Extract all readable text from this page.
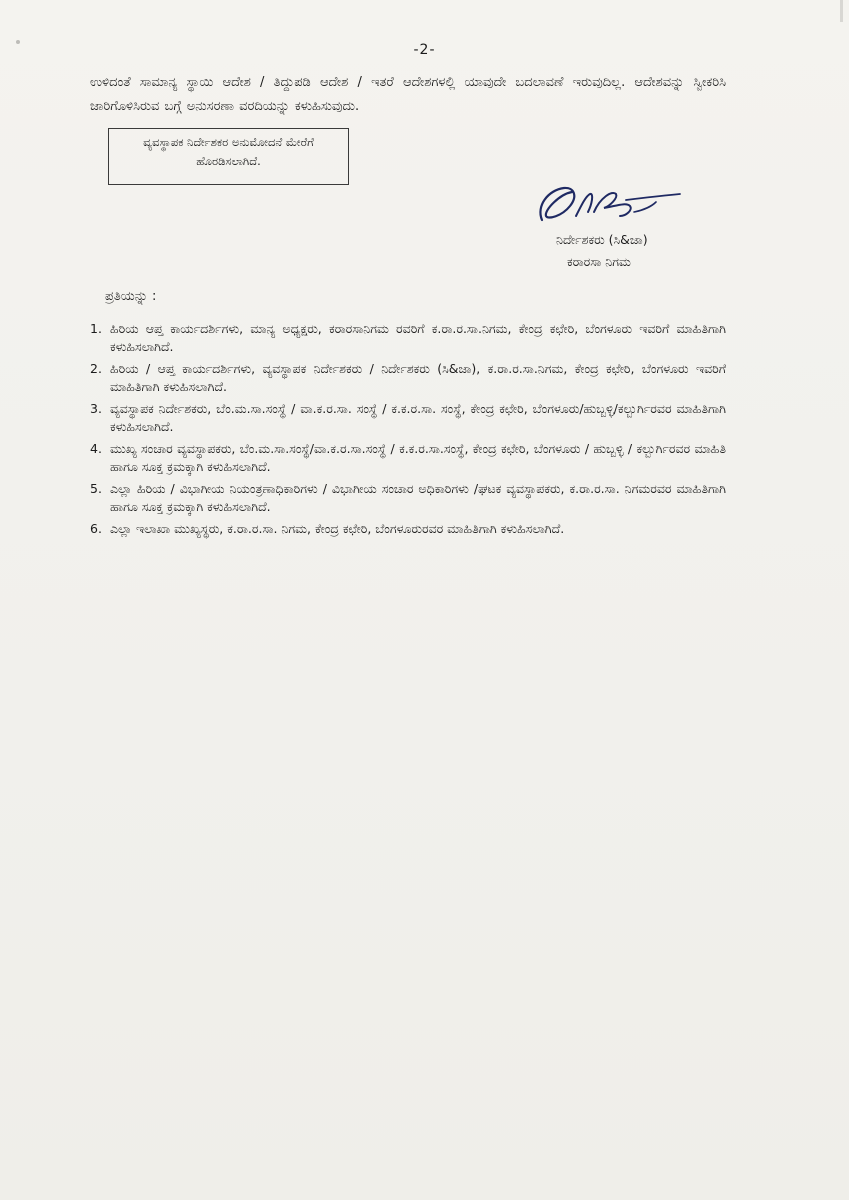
-2-
ಉಳಿದಂತೆ ಸಾಮಾನ್ಯ ಸ್ಥಾಯಿ ಆದೇಶ / ತಿದ್ದುಪಡಿ ಆದೇಶ / ಇತರೆ ಆದೇಶಗಳಲ್ಲಿ ಯಾವುದೇ ಬದಲಾವಣೆ ಇರುವುದಿಲ್ಲ. ಆದೇಶವನ್ನು ಸ್ವೀಕರಿಸಿ ಜಾರಿಗೊಳಿಸಿರುವ ಬಗ್ಗೆ ಅನುಸರಣಾ ವರದಿಯನ್ನು ಕಳುಹಿಸುವುದು.
ವ್ಯವಸ್ಥಾಪಕ ನಿರ್ದೇಶಕರ ಅನುಮೋದನೆ ಮೇರೆಗೆ ಹೊರಡಿಸಲಾಗಿದೆ.
ನಿರ್ದೇಶಕರು (ಸಿ&ಜಾ)
ಕರಾರಸಾ ನಿಗಮ
ಪ್ರತಿಯನ್ನು :
1. ಹಿರಿಯ ಆಪ್ತ ಕಾರ್ಯದರ್ಶಿಗಳು, ಮಾನ್ಯ ಅಧ್ಯಕ್ಷರು, ಕರಾರಸಾನಿಗಮ ರವರಿಗೆ ಕ.ರಾ.ರ.ಸಾ.ನಿಗಮ, ಕೇಂದ್ರ ಕಛೇರಿ, ಬೆಂಗಳೂರು ಇವರಿಗೆ ಮಾಹಿತಿಗಾಗಿ ಕಳುಹಿಸಲಾಗಿದೆ.
2. ಹಿರಿಯ / ಆಪ್ತ ಕಾರ್ಯದರ್ಶಿಗಳು, ವ್ಯವಸ್ಥಾಪಕ ನಿರ್ದೇಶಕರು / ನಿರ್ದೇಶಕರು (ಸಿ&ಜಾ), ಕ.ರಾ.ರ.ಸಾ.ನಿಗಮ, ಕೇಂದ್ರ ಕಛೇರಿ, ಬೆಂಗಳೂರು ಇವರಿಗೆ ಮಾಹಿತಿಗಾಗಿ ಕಳುಹಿಸಲಾಗಿದೆ.
3. ವ್ಯವಸ್ಥಾಪಕ ನಿರ್ದೇಶಕರು, ಬೆಂ.ಮ.ಸಾ.ಸಂಸ್ಥೆ / ವಾ.ಕ.ರ.ಸಾ. ಸಂಸ್ಥೆ / ಕ.ಕ.ರ.ಸಾ. ಸಂಸ್ಥೆ, ಕೇಂದ್ರ ಕಛೇರಿ, ಬೆಂಗಳೂರು/ಹುಬ್ಬಳ್ಳಿ/ಕಲ್ಬುರ್ಗಿರವರ ಮಾಹಿತಿಗಾಗಿ ಕಳುಹಿಸಲಾಗಿದೆ.
4. ಮುಖ್ಯ ಸಂಚಾರ ವ್ಯವಸ್ಥಾಪಕರು, ಬೆಂ.ಮ.ಸಾ.ಸಂಸ್ಥೆ/ವಾ.ಕ.ರ.ಸಾ.ಸಂಸ್ಥೆ / ಕ.ಕ.ರ.ಸಾ.ಸಂಸ್ಥೆ, ಕೇಂದ್ರ ಕಛೇರಿ, ಬೆಂಗಳೂರು / ಹುಬ್ಬಳ್ಳಿ / ಕಲ್ಬುರ್ಗಿರವರ ಮಾಹಿತಿ ಹಾಗೂ ಸೂಕ್ತ ಕ್ರಮಕ್ಕಾಗಿ ಕಳುಹಿಸಲಾಗಿದೆ.
5. ಎಲ್ಲಾ ಹಿರಿಯ / ವಿಭಾಗೀಯ ನಿಯಂತ್ರಣಾಧಿಕಾರಿಗಳು / ವಿಭಾಗೀಯ ಸಂಚಾರ ಅಧಿಕಾರಿಗಳು /ಘಟಕ ವ್ಯವಸ್ಥಾಪಕರು, ಕ.ರಾ.ರ.ಸಾ. ನಿಗಮರವರ ಮಾಹಿತಿಗಾಗಿ ಹಾಗೂ ಸೂಕ್ತ ಕ್ರಮಕ್ಕಾಗಿ ಕಳುಹಿಸಲಾಗಿದೆ.
6. ಎಲ್ಲಾ ಇಲಾಖಾ ಮುಖ್ಯಸ್ಥರು, ಕ.ರಾ.ರ.ಸಾ. ನಿಗಮ, ಕೇಂದ್ರ ಕಛೇರಿ, ಬೆಂಗಳೂರುರವರ ಮಾಹಿತಿಗಾಗಿ ಕಳುಹಿಸಲಾಗಿದೆ.
